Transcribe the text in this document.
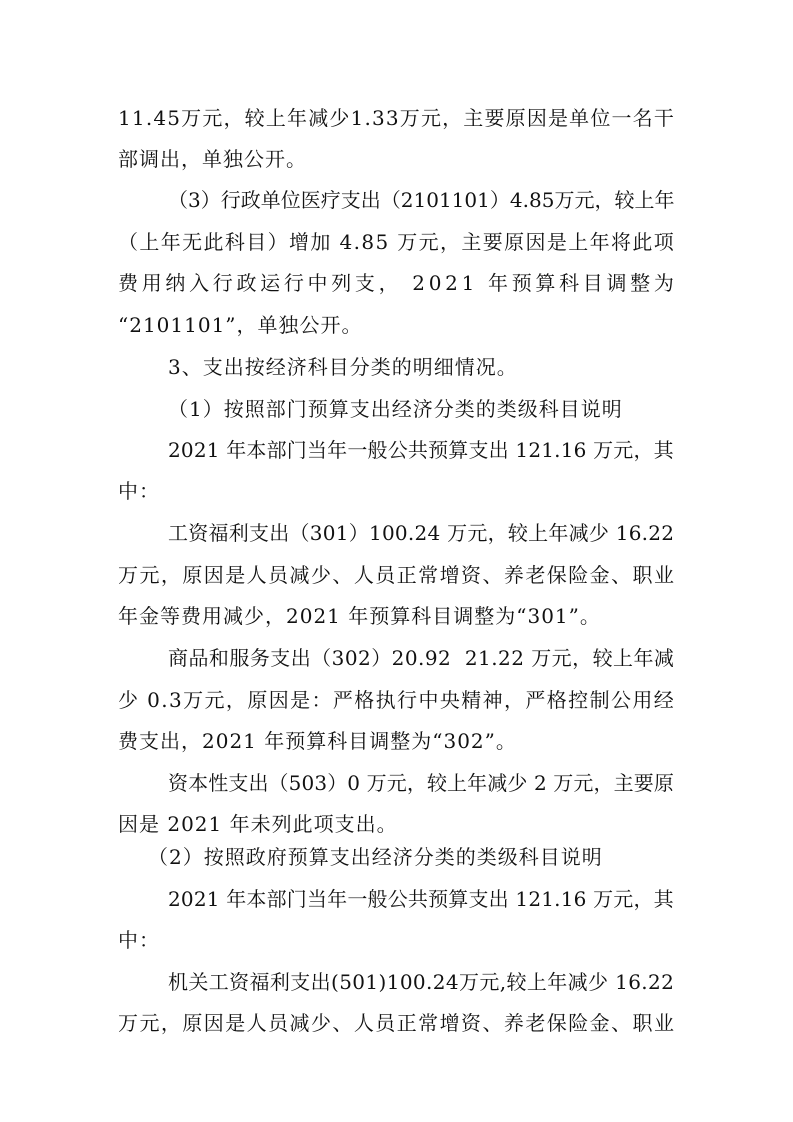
1 1 . 4 5 万 元 ， 较 上 年 减 少 1 . 3 3 万 元 ， 主 要 原 因 是 单 位 一 名 干
部调出，单独公开。
（ 3 ） 行 政 单 位 医 疗 支 出 （ 2 1 0 1 1 0 1 ） 4 . 8 5 万 元 ， 较 上 年
（ 上 年 无 此 科 目 ） 增 加
4 . 8 5
万 元 ， 主 要 原 因 是 上 年 将 此 项
费 用 纳 入 行 政 运 行 中 列 支 ，
2 0 2 1
年 预 算 科 目 调 整 为
“2101101”，单独公开。
3、支出按经济科目分类的明细情况。
（1）按照部门预算支出经济分类的类级科目说明
2 0 2 1
年 本 部 门 当 年 一 般 公 共 预 算 支 出
1 2 1 . 1 6
万 元 ， 其
中：
工 资 福 利 支 出 （ 3 0 1 ） 1 0 0 . 2 4
万 元 ， 较 上 年 减 少
1 6 . 2 2
万 元 ， 原 因 是 人 员 减 少 、 人 员 正 常 增 资 、 养 老 保 险 金 、 职 业
年金等费用减少，2021 年预算科目调整为“301”。
商 品 和 服 务 支 出 （ 3 0 2 ） 2 0 . 9 2

2 1 . 2 2
万 元 ， 较 上 年 减
少
0 . 3 万 元 ， 原 因 是 ： 严 格 执 行 中 央 精 神 ， 严 格 控 制 公 用 经
费支出，2021 年预算科目调整为“302”。
资 本 性 支 出 （ 5 0 3 ） 0
万 元 ， 较 上 年 减 少
2
万 元 ， 主 要 原
因是 2021 年未列此项支出。
（2）按照政府预算支出经济分类的类级科目说明
2 0 2 1
年 本 部 门 当 年 一 般 公 共 预 算 支 出
1 2 1 . 1 6
万 元 ， 其
中：
机 关 工 资 福 利 支 出 ( 5 0 1 ) 1 0 0 . 2 4 万 元 , 较 上 年 减 少
1 6 . 2 2
万 元 ， 原 因 是 人 员 减 少 、 人 员 正 常 增 资 、 养 老 保 险 金 、 职 业
